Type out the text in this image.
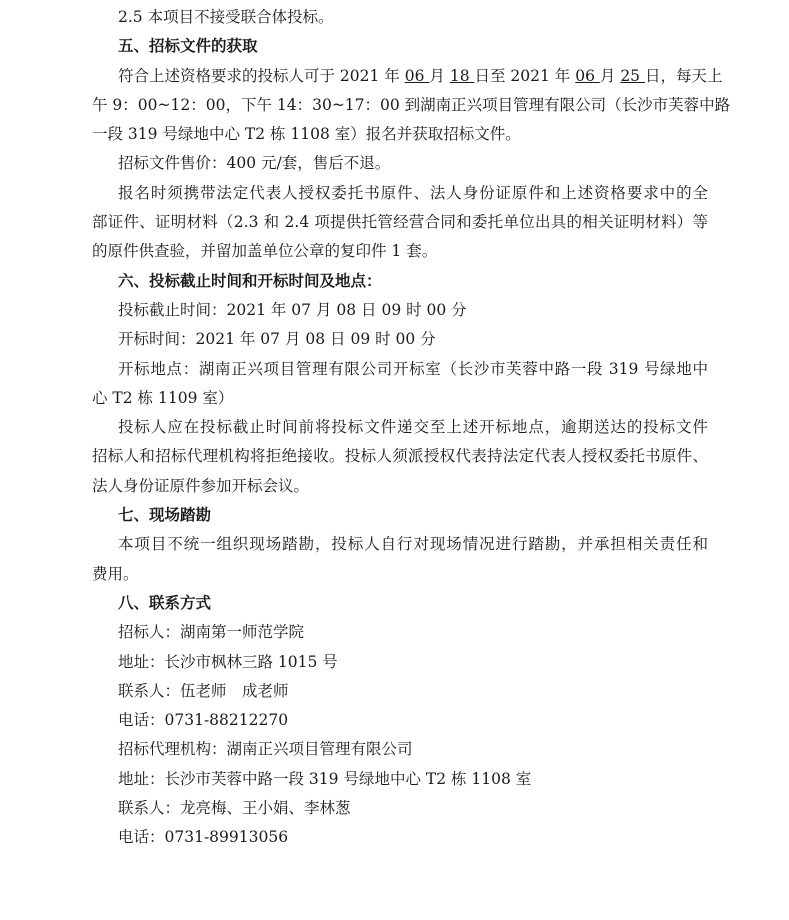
2.5 本项目不接受联合体投标。
五、招标文件的获取
符合上述资格要求的投标人可于 2021 年 06 月 18 日至 2021 年 06 月 25 日，每天上
午 9：00~12：00，下午 14：30~17：00 到湖南正兴项目管理有限公司（长沙市芙蓉中路
一段 319 号绿地中心 T2 栋 1108 室）报名并获取招标文件。
招标文件售价：400 元/套，售后不退。
报名时须携带法定代表人授权委托书原件、法人身份证原件和上述资格要求中的全
部证件、证明材料（2.3 和 2.4 项提供托管经营合同和委托单位出具的相关证明材料）等
的原件供查验，并留加盖单位公章的复印件 1 套。
六、投标截止时间和开标时间及地点：
投标截止时间：2021 年 07 月 08 日 09 时 00 分
开标时间：2021 年 07 月 08 日 09 时 00 分
开标地点：湖南正兴项目管理有限公司开标室（长沙市芙蓉中路一段 319 号绿地中
心 T2 栋 1109 室）
投标人应在投标截止时间前将投标文件递交至上述开标地点，逾期送达的投标文件
招标人和招标代理机构将拒绝接收。投标人须派授权代表持法定代表人授权委托书原件、
法人身份证原件参加开标会议。
七、现场踏勘
本项目不统一组织现场踏勘，投标人自行对现场情况进行踏勘，并承担相关责任和
费用。
八、联系方式
招标人：湖南第一师范学院
地址：长沙市枫林三路 1015 号
联系人：伍老师　成老师
电话：0731-88212270
招标代理机构：湖南正兴项目管理有限公司
地址：长沙市芙蓉中路一段 319 号绿地中心 T2 栋 1108 室
联系人：龙亮梅、王小娟、李林葱
电话：0731-89913056
